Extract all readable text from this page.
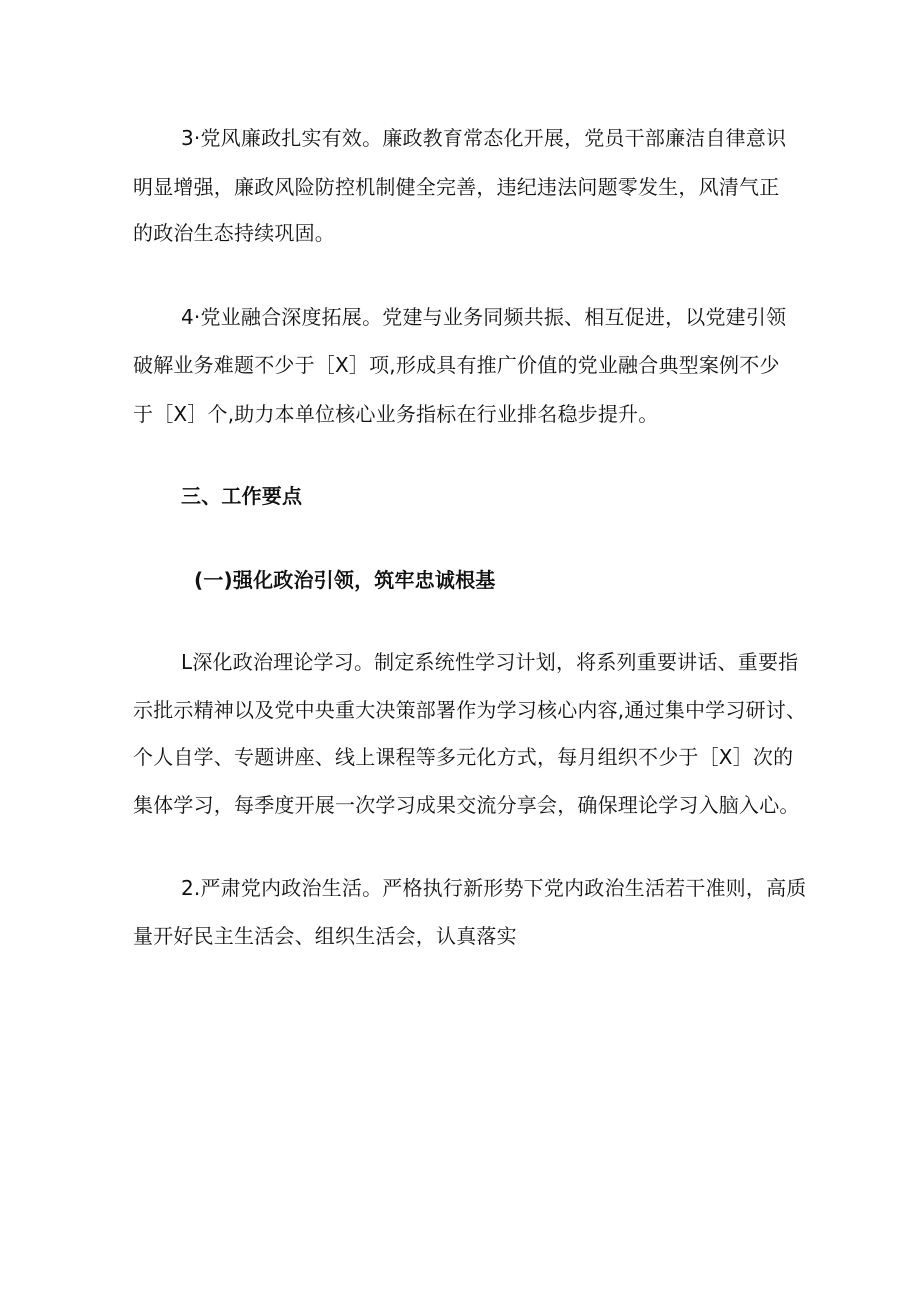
3·党风廉政扎实有效。廉政教育常态化开展，党员干部廉洁自律意识
明显增强，廉政风险防控机制健全完善，违纪违法问题零发生，风清气正
的政治生态持续巩固。
4·党业融合深度拓展。党建与业务同频共振、相互促进，以党建引领
破解业务难题不少于［X］项,形成具有推广价值的党业融合典型案例不少
于［X］个,助力本单位核心业务指标在行业排名稳步提升。
三、工作要点
(一)强化政治引领，筑牢忠诚根基
L深化政治理论学习。制定系统性学习计划，将系列重要讲话、重要指
示批示精神以及党中央重大决策部署作为学习核心内容,通过集中学习研讨、
个人自学、专题讲座、线上课程等多元化方式，每月组织不少于［X］次的
集体学习，每季度开展一次学习成果交流分享会，确保理论学习入脑入心。
2.严肃党内政治生活。严格执行新形势下党内政治生活若干准则，高质
量开好民主生活会、组织生活会，认真落实
